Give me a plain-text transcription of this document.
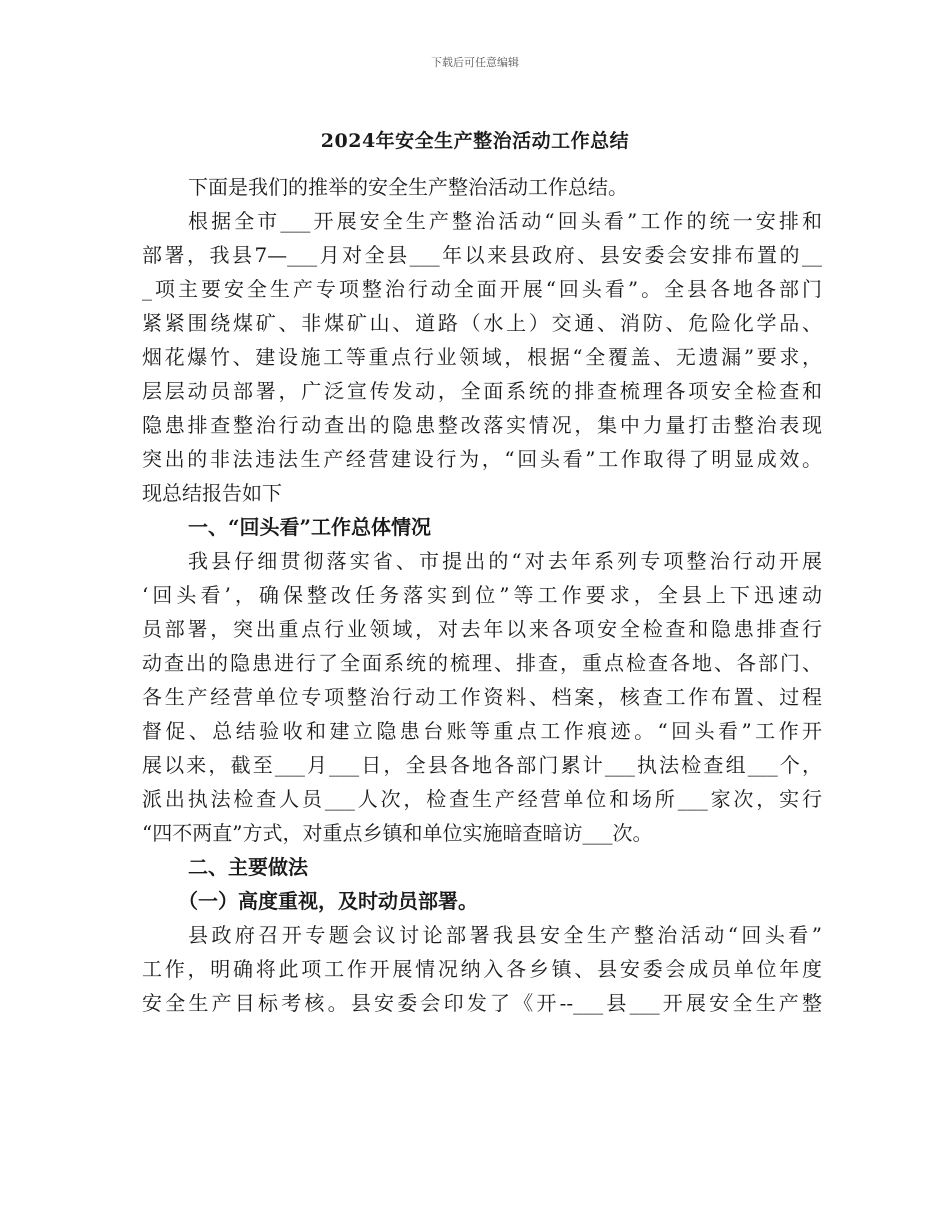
下载后可任意编辑
2024年安全生产整治活动工作总结
下面是我们的推举的安全生产整治活动工作总结。
根据全市___开展安全生产整治活动“回头看”工作的统一安排和
部署，我县7—___月对全县___年以来县政府、县安委会安排布置的__
_项主要安全生产专项整治行动全面开展“回头看”。全县各地各部门
紧紧围绕煤矿、非煤矿山、道路（水上）交通、消防、危险化学品、
烟花爆竹、建设施工等重点行业领域，根据“全覆盖、无遗漏”要求，
层层动员部署，广泛宣传发动，全面系统的排查梳理各项安全检查和
隐患排查整治行动查出的隐患整改落实情况，集中力量打击整治表现
突出的非法违法生产经营建设行为，“回头看”工作取得了明显成效。
现总结报告如下
一、“回头看”工作总体情况
我县仔细贯彻落实省、市提出的“对去年系列专项整治行动开展
‘回头看’，确保整改任务落实到位”等工作要求，全县上下迅速动
员部署，突出重点行业领域，对去年以来各项安全检查和隐患排查行
动查出的隐患进行了全面系统的梳理、排查，重点检查各地、各部门、
各生产经营单位专项整治行动工作资料、档案，核查工作布置、过程
督促、总结验收和建立隐患台账等重点工作痕迹。“回头看”工作开
展以来，截至___月___日，全县各地各部门累计___执法检查组___个，
派出执法检查人员___人次，检查生产经营单位和场所___家次，实行
“四不两直”方式，对重点乡镇和单位实施暗查暗访___次。
二、主要做法
（一）高度重视，及时动员部署。
县政府召开专题会议讨论部署我县安全生产整治活动“回头看”
工作，明确将此项工作开展情况纳入各乡镇、县安委会成员单位年度
安全生产目标考核。县安委会印发了《开--___县___开展安全生产整
